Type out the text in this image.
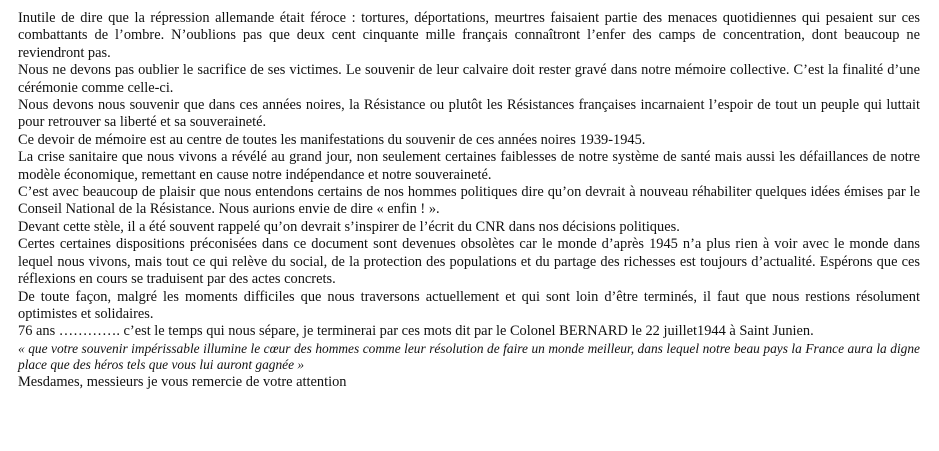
Inutile de dire que la répression allemande était féroce : tortures, déportations, meurtres faisaient partie des menaces quotidiennes qui pesaient sur ces combattants de l’ombre. N’oublions pas que deux cent cinquante mille français connaîtront l’enfer des camps de concentration, dont beaucoup ne reviendront pas.

Nous ne devons pas oublier le sacrifice de ses victimes. Le souvenir de leur calvaire doit rester gravé dans notre mémoire collective. C’est la finalité d’une cérémonie comme celle-ci.

Nous devons nous souvenir que dans ces années noires, la Résistance ou plutôt les Résistances françaises incarnaient l’espoir de tout un peuple qui luttait pour retrouver sa liberté et sa souveraineté.

Ce devoir de mémoire est au centre de toutes les manifestations du souvenir de ces années noires 1939-1945.

La crise sanitaire que nous vivons a révélé au grand jour, non seulement certaines faiblesses de notre système de santé mais aussi les défaillances de notre modèle économique, remettant en cause notre indépendance et notre souveraineté.

C’est avec beaucoup de plaisir que nous entendons certains de nos hommes politiques dire qu’on devrait à nouveau réhabiliter quelques idées émises par le Conseil National de la Résistance. Nous aurions envie de dire « enfin ! ».

Devant cette stèle, il a été souvent rappelé qu’on devrait s’inspirer de l’écrit du CNR dans nos décisions politiques.

Certes certaines dispositions préconisées dans ce document sont devenues obsolètes car le monde d’après 1945 n’a plus rien à voir avec le monde dans lequel nous vivons, mais tout ce qui relève du social, de la protection des populations et du partage des richesses est toujours d’actualité. Espérons que ces réflexions en cours se traduisent par des actes concrets.

De toute façon, malgré les moments difficiles que nous traversons actuellement et qui sont loin d’être terminés, il faut que nous restions résolument optimistes et solidaires.

76 ans …………. c’est le temps qui nous sépare, je terminerai par ces mots dit par le Colonel BERNARD le 22 juillet1944 à Saint Junien.

« que votre souvenir impérissable illumine le cœur des hommes comme leur résolution de faire un monde meilleur, dans lequel notre beau pays la France aura la digne place que des héros tels que vous lui auront gagnée »

Mesdames, messieurs je vous remercie de votre attention
